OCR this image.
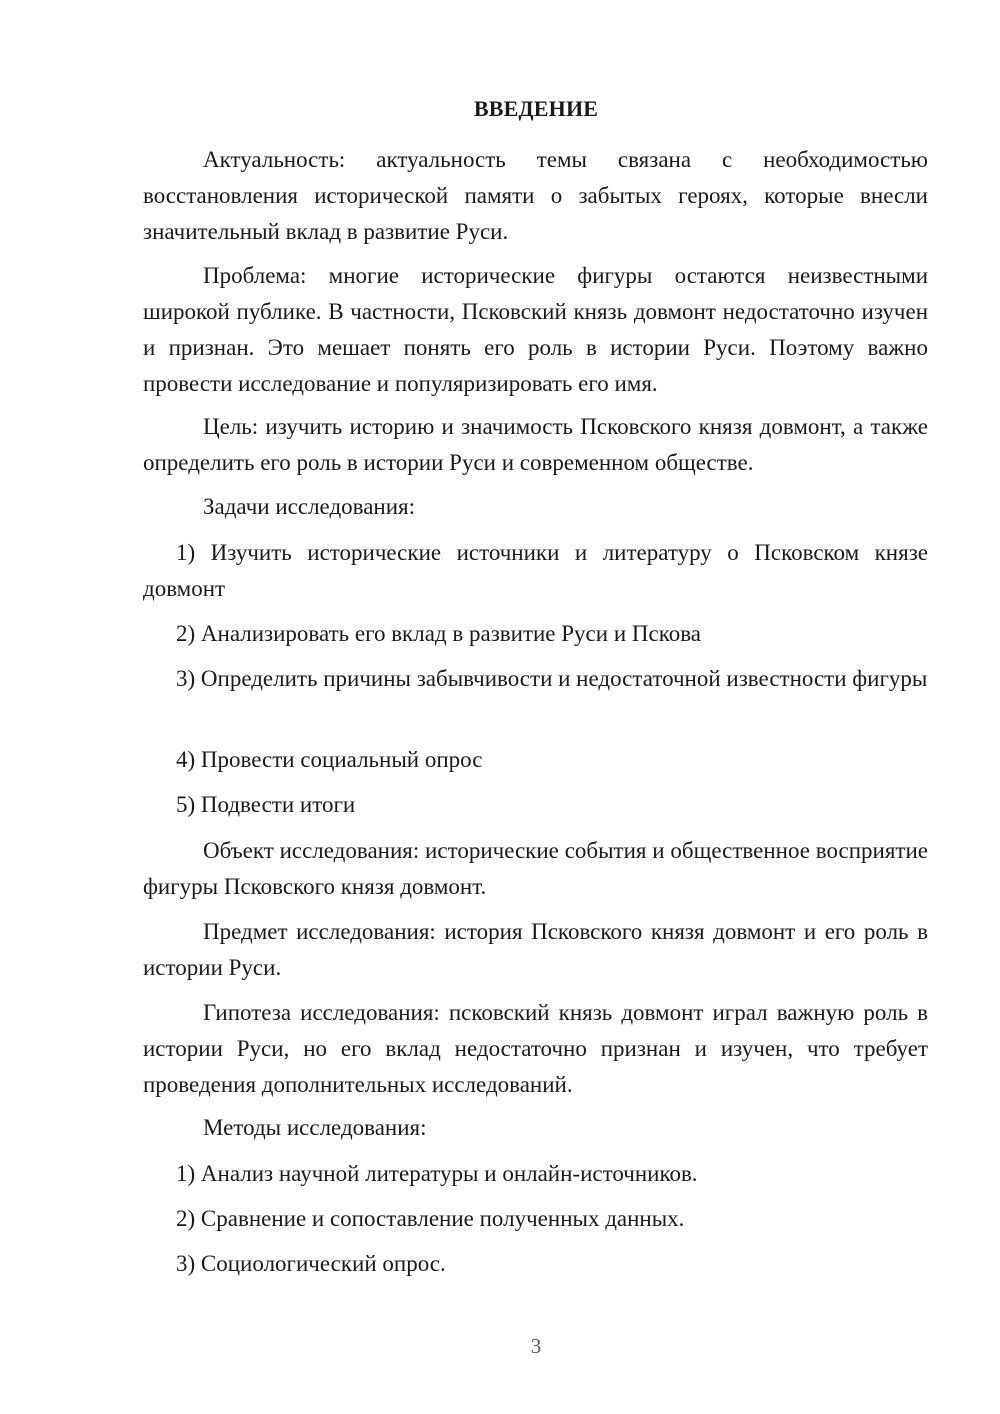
ВВЕДЕНИЕ

Актуальность: актуальность темы связана с необходимостью восстановления исторической памяти о забытых героях, которые внесли значительный вклад в развитие Руси.

Проблема: многие исторические фигуры остаются неизвестными широкой публике. В частности, Псковский князь довмонт недостаточно изучен и признан. Это мешает понять его роль в истории Руси. Поэтому важно провести исследование и популяризировать его имя.

Цель: изучить историю и значимость Псковского князя довмонт, а также определить его роль в истории Руси и современном обществе.

Задачи исследования:

1) Изучить исторические источники и литературу о Псковском князе довмонт

2) Анализировать его вклад в развитие Руси и Пскова

3) Определить причины забывчивости и недостаточной известности фигуры

4) Провести социальный опрос

5) Подвести итоги

Объект исследования: исторические события и общественное восприятие фигуры Псковского князя довмонт.

Предмет исследования: история Псковского князя довмонт и его роль в истории Руси.

Гипотеза исследования: псковский князь довмонт играл важную роль в истории Руси, но его вклад недостаточно признан и изучен, что требует проведения дополнительных исследований.

Методы исследования:

1) Анализ научной литературы и онлайн-источников.

2) Сравнение и сопоставление полученных данных.

3) Социологический опрос.

3
